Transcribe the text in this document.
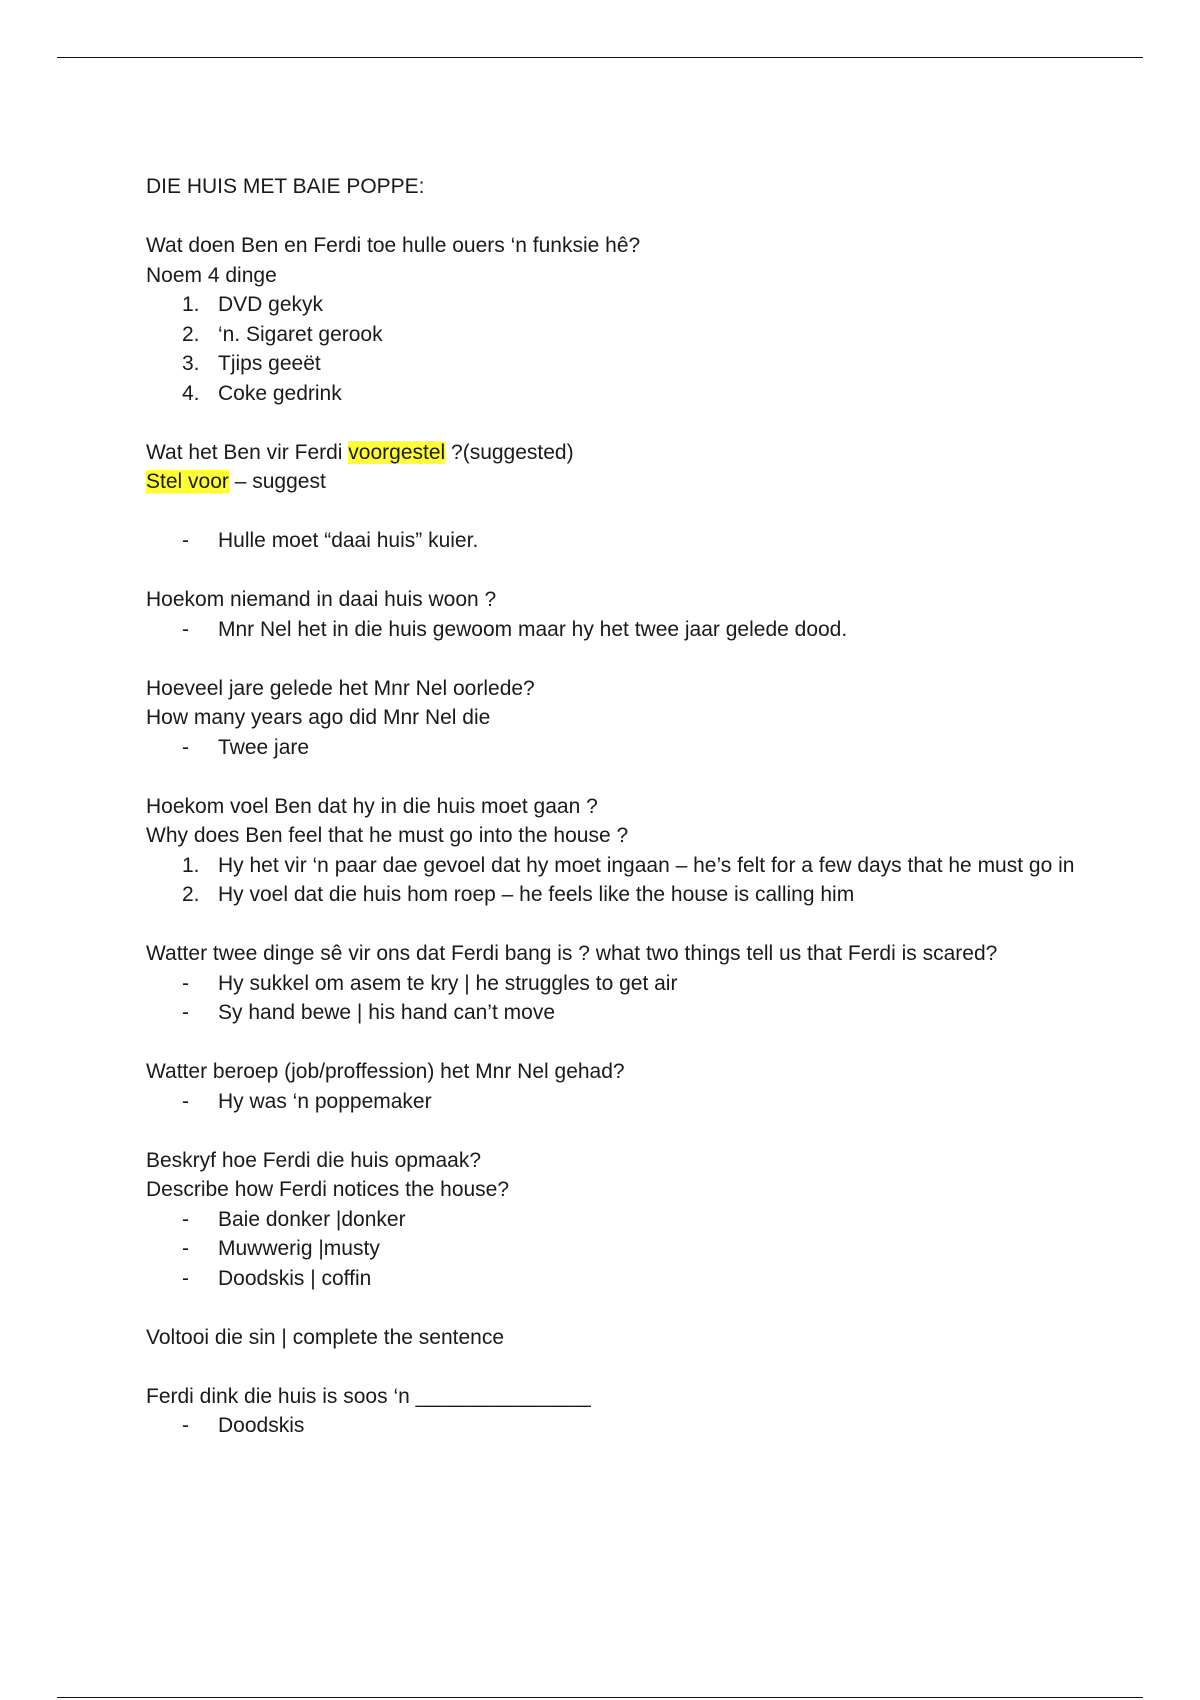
DIE HUIS MET BAIE POPPE:
Wat doen Ben en Ferdi toe hulle ouers ‘n funksie hê?
Noem 4 dinge
1. DVD gekyk
2. ‘n. Sigaret gerook
3. Tjips geeët
4. Coke gedrink
Wat het Ben vir Ferdi voorgestel ?(suggested)
Stel voor – suggest
- Hulle moet “daai huis” kuier.
Hoekom niemand in daai huis woon ?
- Mnr Nel het in die huis gewoom maar hy het twee jaar gelede dood.
Hoeveel jare gelede het Mnr Nel oorlede?
How many years ago did Mnr Nel die
- Twee jare
Hoekom voel Ben dat hy in die huis moet gaan ?
Why does Ben feel that he must go into the house ?
1. Hy het vir ‘n paar dae gevoel dat hy moet ingaan – he’s felt for a few days that he must go in
2. Hy voel dat die huis hom roep – he feels like the house is calling him
Watter twee dinge sê vir ons dat Ferdi bang is ? what two things tell us that Ferdi is scared?
- Hy sukkel om asem te kry | he struggles to get air
- Sy hand bewe | his hand can’t move
Watter beroep (job/proffession) het Mnr Nel gehad?
- Hy was ‘n poppemaker
Beskryf hoe Ferdi die huis opmaak?
Describe how Ferdi notices the house?
- Baie donker |donker
- Muwwerig |musty
- Doodskis | coffin
Voltooi die sin | complete the sentence
Ferdi dink die huis is soos ‘n _______________
- Doodskis
